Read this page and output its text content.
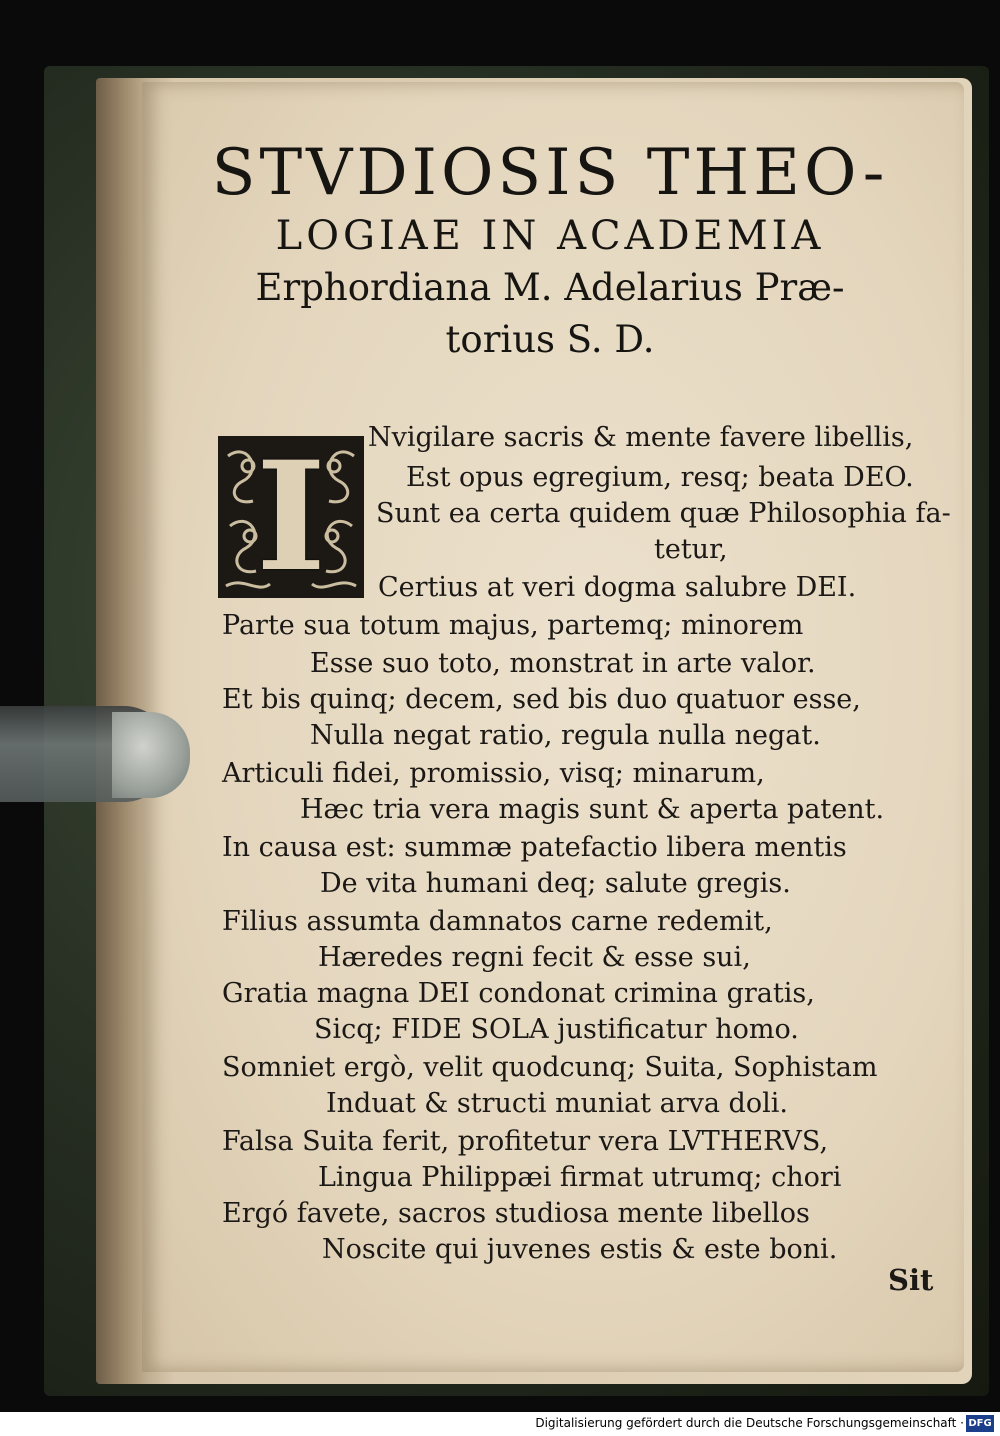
STVDIOSIS THEO-
LOGIAE IN ACADEMIA
Erphordiana M. Adelarius Præ-
torius S. D.
I Nvigilare sacris & mente favere libellis,
Est opus egregium, resq; beata DEO.
Sunt ea certa quidem quæ Philosophia fa-
tetur,
Certius at veri dogma salubre DEI.
Parte sua totum majus, partemq; minorem
Esse suo toto, monstrat in arte valor.
Et bis quinq; decem, sed bis duo quatuor esse,
Nulla negat ratio, regula nulla negat.
Articuli fidei, promissio, visq; minarum,
Hæc tria vera magis sunt & aperta patent.
In causa est: summæ patefactio libera mentis
De vita humani deq; salute gregis.
Filius assumta damnatos carne redemit,
Hæredes regni fecit & esse sui,
Gratia magna DEI condonat crimina gratis,
Sicq; FIDE SOLA justificatur homo.
Somniet ergò, velit quodcunq; Suita, Sophistam
Induat & structi muniat arva doli.
Falsa Suita ferit, profitetur vera LVTHERVS,
Lingua Philippæi firmat utrumq; chori
Ergó favete, sacros studiosa mente libellos
Noscite qui juvenes estis & este boni.
Sit
Digitalisierung gefördert durch die Deutsche Forschungsgemeinschaft · DFG
